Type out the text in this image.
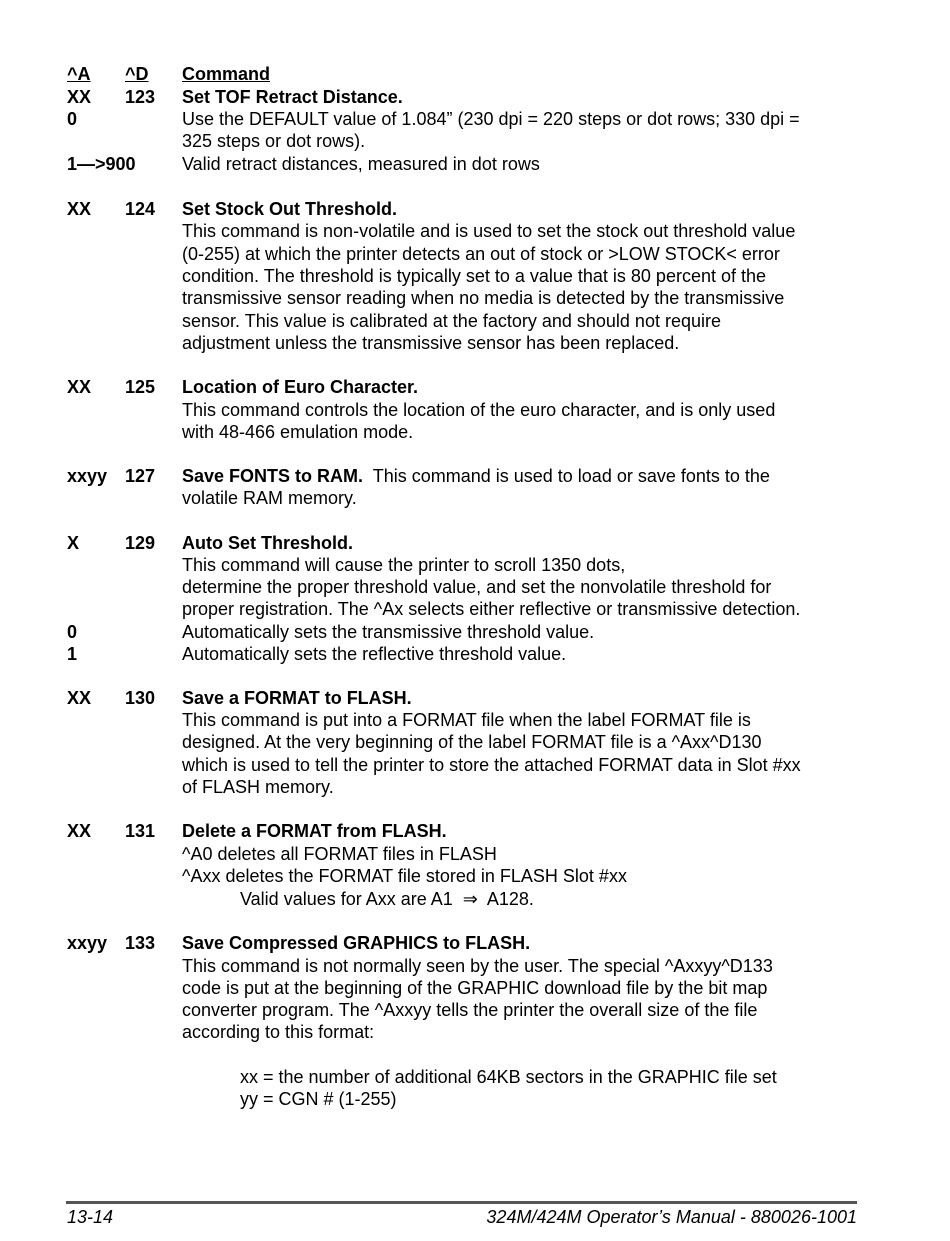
^A ^D Command
XX 123 Set TOF Retract Distance.
0	Use the DEFAULT value of 1.084” (230 dpi = 220 steps or dot rows; 330 dpi =
325 steps or dot rows).
1—>900	Valid retract distances, measured in dot rows
XX 124 Set Stock Out Threshold.
This command is non-volatile and is used to set the stock out threshold value
(0-255) at which the printer detects an out of stock or >LOW STOCK< error
condition. The threshold is typically set to a value that is 80 percent of the
transmissive sensor reading when no media is detected by the transmissive
sensor. This value is calibrated at the factory and should not require
adjustment unless the transmissive sensor has been replaced.
XX 125 Location of Euro Character.
This command controls the location of the euro character, and is only used
with 48-466 emulation mode.
xxyy 127 Save FONTS to RAM.  This command is used to load or save fonts to the
volatile RAM memory.
X	129 Auto Set Threshold.
This command will cause the printer to scroll 1350 dots,
determine the proper threshold value, and set the nonvolatile threshold for
proper registration. The ^Ax selects either reflective or transmissive detection.
0	Automatically sets the transmissive threshold value.
1	Automatically sets the reflective threshold value.
XX 130 Save a FORMAT to FLASH.
This command is put into a FORMAT file when the label FORMAT file is
designed. At the very beginning of the label FORMAT file is a ^Axx^D130
which is used to tell the printer to store the attached FORMAT data in Slot #xx
of FLASH memory.
XX 131 Delete a FORMAT from FLASH.
^A0 deletes all FORMAT files in FLASH
^Axx deletes the FORMAT file stored in FLASH Slot #xx
Valid values for Axx are A1  ⇒  A128.
xxyy 133 Save Compressed GRAPHICS to FLASH.
This command is not normally seen by the user. The special ^Axxyy^D133
code is put at the beginning of the GRAPHIC download file by the bit map
converter program. The ^Axxyy tells the printer the overall size of the file
according to this format:
xx = the number of additional 64KB sectors in the GRAPHIC file set
yy = CGN # (1-255)
13-14	324M/424M Operator’s Manual - 880026-1001
